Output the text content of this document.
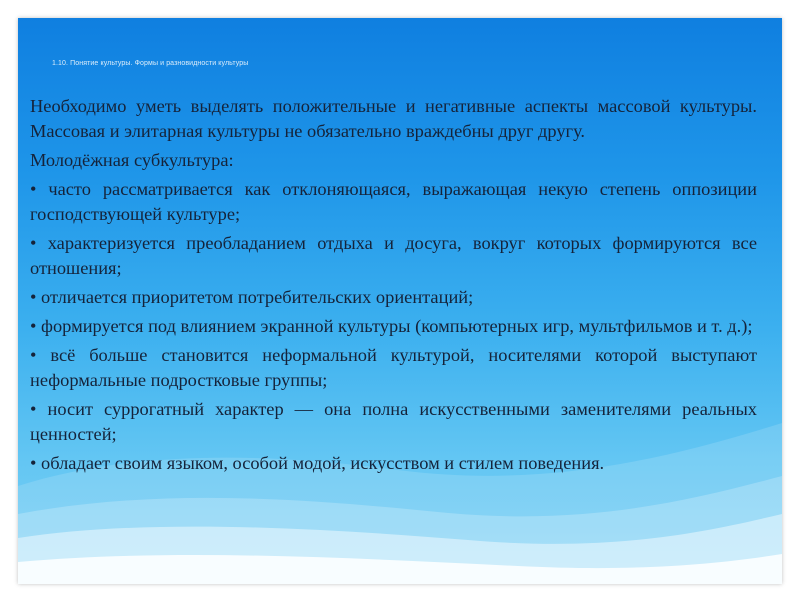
1.10. Понятие культуры. Формы и разновидности культуры

Необходимо уметь выделять положительные и негативные аспекты массовой культуры. Массовая и элитарная культуры не обязательно враждебны друг другу.

Молодёжная субкультура:

• часто рассматривается как отклоняющаяся, выражающая некую степень оппозиции господствующей культуре;

• характеризуется преобладанием отдыха и досуга, вокруг которых формируются все отношения;

• отличается приоритетом потребительских ориентаций;

• формируется под влиянием экранной культуры (компьютерных игр, мультфильмов и т. д.);

• всё больше становится неформальной культурой, носителями которой выступают неформальные подростковые группы;

• носит суррогатный характер — она полна искусственными заменителями реальных ценностей;

• обладает своим языком, особой модой, искусством и стилем поведения.
